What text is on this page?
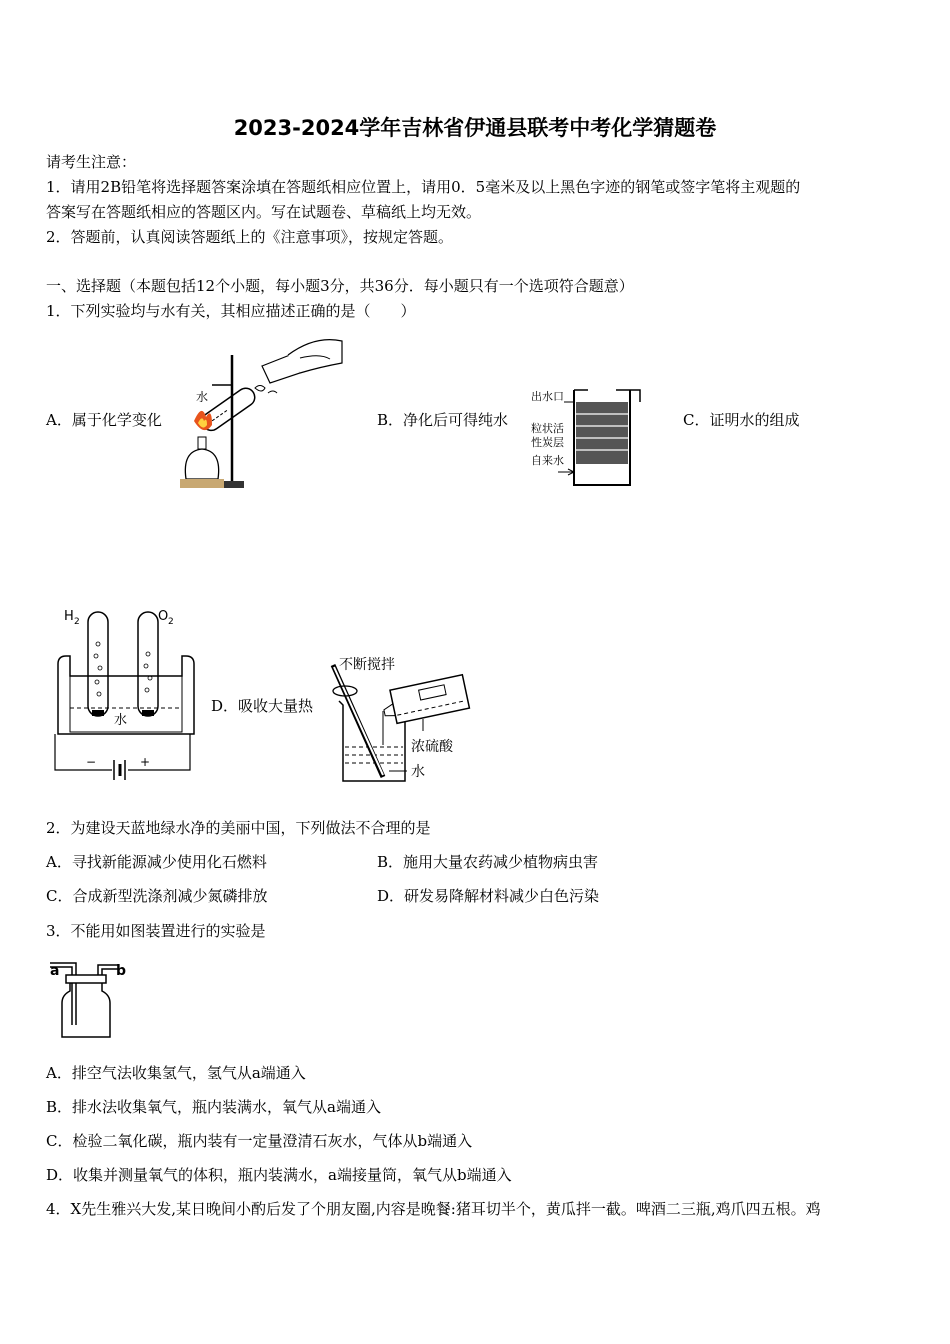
2023-2024学年吉林省伊通县联考中考化学猜题卷
请考生注意：
1．请用2B铅笔将选择题答案涂填在答题纸相应位置上，请用0．5毫米及以上黑色字迹的钢笔或签字笔将主观题的
答案写在答题纸相应的答题区内。写在试题卷、草稿纸上均无效。
2．答题前，认真阅读答题纸上的《注意事项》，按规定答题。
一、选择题（本题包括12个小题，每小题3分，共36分．每小题只有一个选项符合题意）
1．下列实验均与水有关，其相应描述正确的是（　　）
A．属于化学变化	B．净化后可得纯水	C．证明水的组成
D．吸收大量热
水	出水口
粒状活
性炭层
自来水
H 2	O 2
水
−	+
不断搅拌
浓硫酸
水
2．为建设天蓝地绿水净的美丽中国，下列做法不合理的是
A．寻找新能源减少使用化石燃料	B．施用大量农药减少植物病虫害
C．合成新型洗涤剂减少氮磷排放	D．研发易降解材料减少白色污染
3．不能用如图装置进行的实验是
a	b
A．排空气法收集氢气，氢气从a端通入
B．排水法收集氧气，瓶内装满水，氧气从a端通入
C．检验二氧化碳，瓶内装有一定量澄清石灰水，气体从b端通入
D．收集并测量氧气的体积，瓶内装满水，a端接量筒，氧气从b端通入
4．X先生雅兴大发,某日晚间小酌后发了个朋友圈,内容是晚餐:猪耳切半个，黄瓜拌一截。啤酒二三瓶,鸡爪四五根。鸡
